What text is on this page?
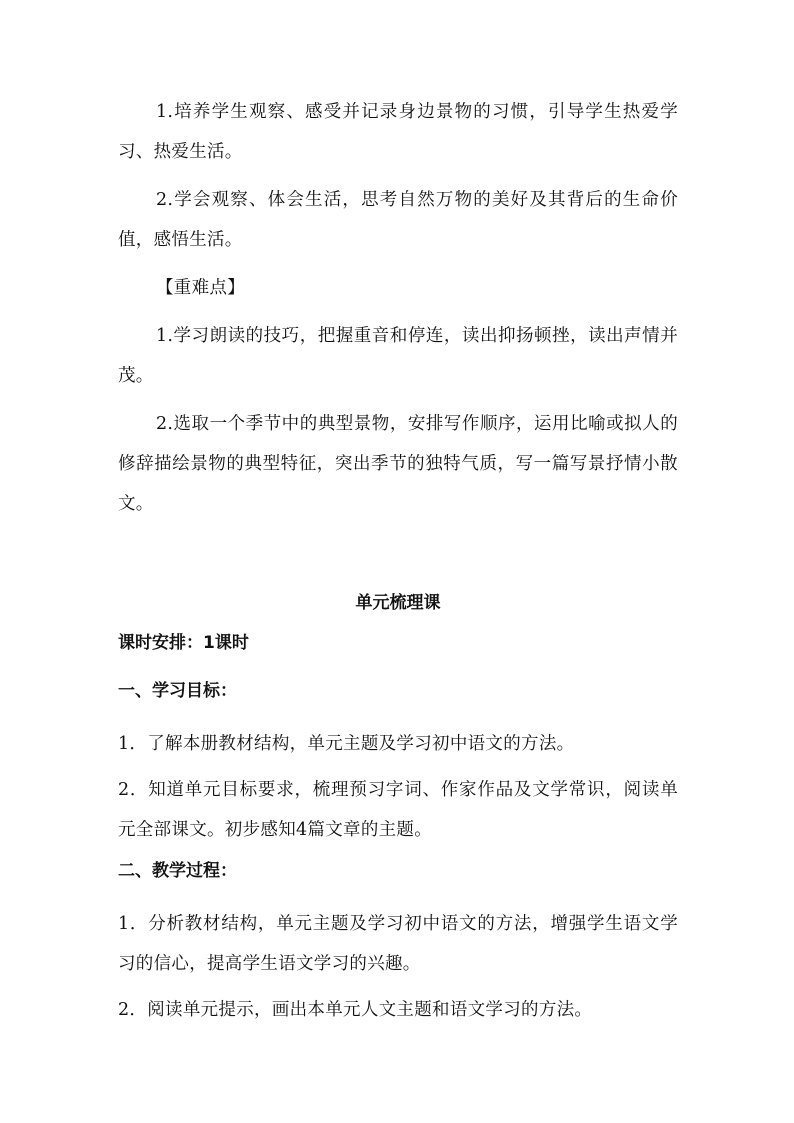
1.培养学生观察、感受并记录身边景物的习惯，引导学生热爱学习、热爱生活。

2.学会观察、体会生活，思考自然万物的美好及其背后的生命价值，感悟生活。

【重难点】

1.学习朗读的技巧，把握重音和停连，读出抑扬顿挫，读出声情并茂。

2.选取一个季节中的典型景物，安排写作顺序，运用比喻或拟人的修辞描绘景物的典型特征，突出季节的独特气质，写一篇写景抒情小散文。

单元梳理课
课时安排：1课时
一、学习目标：

1．了解本册教材结构，单元主题及学习初中语文的方法。

2．知道单元目标要求，梳理预习字词、作家作品及文学常识，阅读单元全部课文。初步感知4篇文章的主题。

二、教学过程：

1．分析教材结构，单元主题及学习初中语文的方法，增强学生语文学习的信心，提高学生语文学习的兴趣。

2．阅读单元提示，画出本单元人文主题和语文学习的方法。
